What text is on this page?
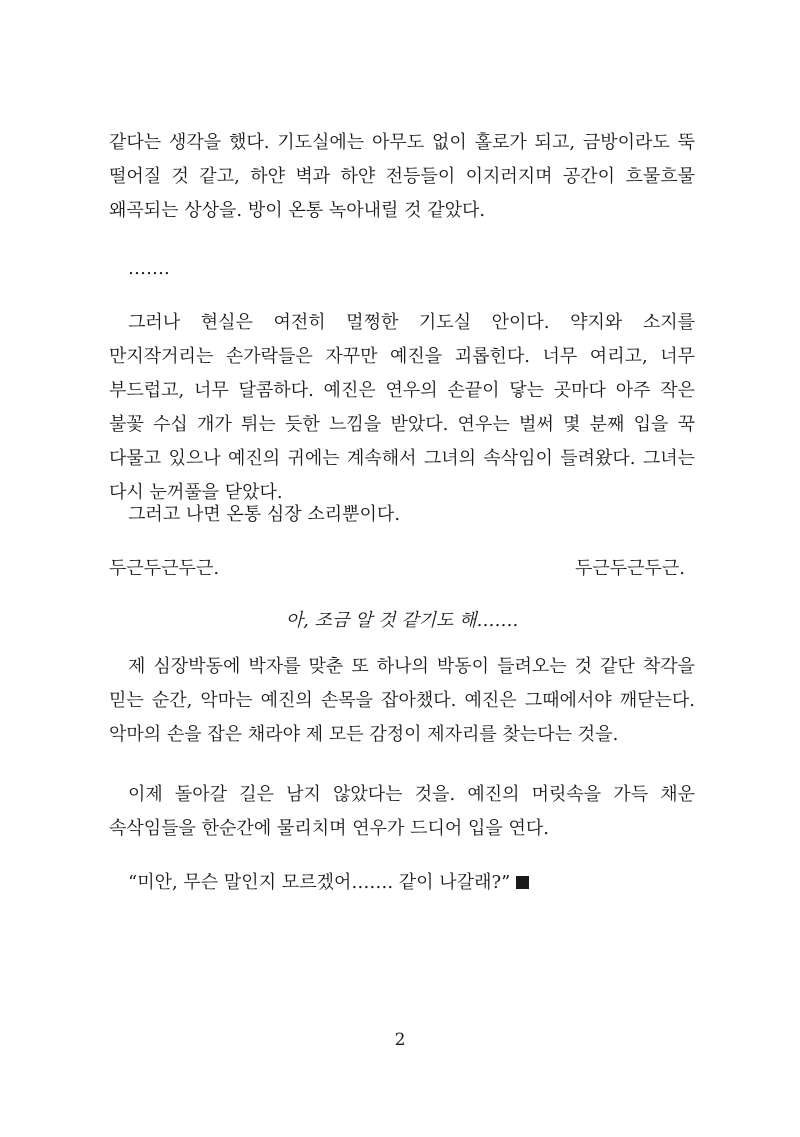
같다는 생각을 했다. 기도실에는 아무도 없이 홀로가 되고, 금방이라도 뚝 떨어질 것 같고, 하얀 벽과 하얀 전등들이 이지러지며 공간이 흐물흐물 왜곡되는 상상을. 방이 온통 녹아내릴 것 같았다.

…….

그러나 현실은 여전히 멀쩡한 기도실 안이다. 약지와 소지를 만지작거리는 손가락들은 자꾸만 예진을 괴롭힌다. 너무 여리고, 너무 부드럽고, 너무 달콤하다. 예진은 연우의 손끝이 닿는 곳마다 아주 작은 불꽃 수십 개가 튀는 듯한 느낌을 받았다. 연우는 벌써 몇 분째 입을 꾹 다물고 있으나 예진의 귀에는 계속해서 그녀의 속삭임이 들려왔다. 그녀는 다시 눈꺼풀을 닫았다.

그러고 나면 온통 심장 소리뿐이다.

두근두근두근.	두근두근두근.
아, 조금 알 것 같기도 해…….

제 심장박동에 박자를 맞춘 또 하나의 박동이 들려오는 것 같단 착각을 믿는 순간, 악마는 예진의 손목을 잡아챘다. 예진은 그때에서야 깨닫는다. 악마의 손을 잡은 채라야 제 모든 감정이 제자리를 찾는다는 것을.

이제 돌아갈 길은 남지 않았다는 것을. 예진의 머릿속을 가득 채운 속삭임들을 한순간에 물리치며 연우가 드디어 입을 연다.

“미안, 무슨 말인지 모르겠어……. 같이 나갈래?”

2
